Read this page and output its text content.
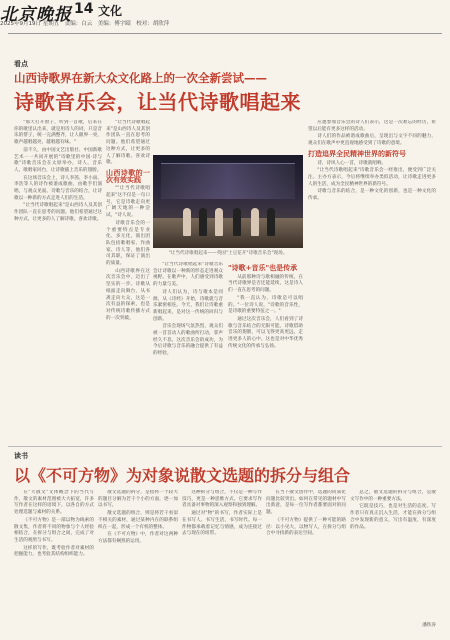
北京晚报 14 文化
2025年9月19日 星期五　责编：白云　美编：傅宇赜　校对：胡欣萍
看点
山西诗歌界在新大众文化路上的一次全新尝试——
诗歌音乐会，让当代诗歌唱起来

"那天打开窗子，听到一首歌，后来在你的歌里认出来，就是用诗人的词，只是音乐的帮子，统一完满整齐，让人眼界一亮，歌声越唱越亮，越唱越有味。"

前不久，由中国文艺出版社、中国新歌艺术一一共同开展的"诗歌里的中国·诗与歌"诗歌音乐会在太原举办，诗人、音乐人、歌唱家同台，让诗歌插上音乐的翅膀。

在这场音乐会上，诗人李茜、李小雨、李浩等人的诗作被谱成歌曲，由歌手们演唱，与观众见面。诗歌与音乐的结合，让诗歌以一种新的方式走进人们的生活。

"让当代诗歌唱起来"是山西诗人及其创作团队一直在思考的问题。他们希望通过这种方式，让更多的人了解诗歌、喜欢诗歌。

"让当代诗歌唱起来"是山西诗人及其创作团队一直在思考的问题。他们希望通过这种方式，让更多的人了解诗歌、喜欢诗歌。

山西诗歌的一次有效实践

""让当代诗歌唱起来"这不仅是一句口号，它是诗歌走向更广阔天地的一种尝试。"诗人说。

诗歌音乐会的一个重要特点是专业化、多元化，演出团队包括歌唱家、作曲家、诗人等，他们各司其职，保证了演出的质量。

山西诗歌界在这次音乐会中，迈出了坚实的一步。诗歌从纸面走向舞台，从书斋走向大众，这是一次有益的探索，也是对传统诗歌传播方式的一次突破。

"让当代诗歌唱起来——英国"土豆花开"诗歌音乐会"现场。

"让当代诗歌唱起来"诗歌音乐会让诗歌以一种新的形态走进观众视野。在歌声中，人们感受到诗歌的力量与美。

诗人们认为，诗与歌本是同源，从《诗经》开始，诗歌就与音乐紧密相连。今天，我们让诗歌重新唱起来，是对这一传统的回归与创新。

音乐会现场气氛热烈，观众们被一首首动人的歌曲所打动，掌声经久不息。这次音乐会的成功，为今后诗歌与音乐的融合提供了有益的经验。

"诗歌+音乐"也是传承

从前那种诗与歌相融的传统，在当代诗歌界是否还能延续，这是诗人们一直在思考的问题。

"我一直认为，诗歌是可以唱的。"一位诗人说，"诗歌的音乐性，是诗歌的重要特征之一。"

通过这次音乐会，人们看到了诗歌与音乐结合的无限可能。诗歌借助音乐的翅膀，可以飞得更高更远，走进更多人的心中。这也是对中华优秀传统文化的传承与弘扬。

应邀参加音乐会的诗人们表示，这是一次难忘的经历，希望以后能有更多这样的活动。

诗人们的作品被谱成歌曲后，呈现出与文字不同的魅力，观众们在歌声中更直观地感受到了诗歌的意境。

打造追界全民精神世界的新符号

诗、诗风人心一首，诗歌就唱响。

"让当代诗歌唱起来"诗歌音乐会一经推出，便受到广泛关注。主办方表示，今后将继续举办类似活动，让诗歌走进更多人的生活，成为全民精神世界的新符号。

诗歌与音乐的结合，是一种文化的创新，也是一种文化的传承。

读书
以《不可方物》为对象说散文选题的拆分与组合

在"大散文"文体概念下的当代写作，散文的素材范围被大大拓宽，许多写作者在这样的语境下，以各自的方式处理选题与素材的关系。

《不可方物》是一部以物为线索的散文集，作者将不同的物象与个人经验相结合，在拆分与组合之间，完成了对生活的观照与书写。

这样的写作，既考验作者对素材的把握能力，也考验其结构组织能力。

散文选题的拆分，是指将一个较大的题目分解为若干个小的方面，逐一加以书写。

散文选题的组合，则是将若干看似不相关的素材，通过某种内在的联系组织在一起，形成一个有机的整体。

在《不可方物》中，作者对这两种方法都有娴熟的运用。

这种拆分与组合，不仅是一种写作技巧，更是一种思维方式。它要求写作者具备对事物的深入观察和独到理解。

通过对"物"的书写，作者实际上是在书写人、书写生活、书写时代。每一件物都承载着记忆与情感，成为连接过去与现在的纽带。

在当下散文创作中，选题的同质化问题比较突出。如何在常见的题材中写出新意，是每一位写作者都要面对的问题。

《不可方物》提供了一种可能的路径：以小见大，以物写人，在拆分与组合中寻找新的表达空间。

总之，散文选题的拆分与组合，是散文写作中的一种重要方法。

它既是技巧，也是对生活的态度。写作者只有真正沉入生活，才能在拆分与组合中发现新的意义，写出有温度、有深度的作品。

潘铁涛
